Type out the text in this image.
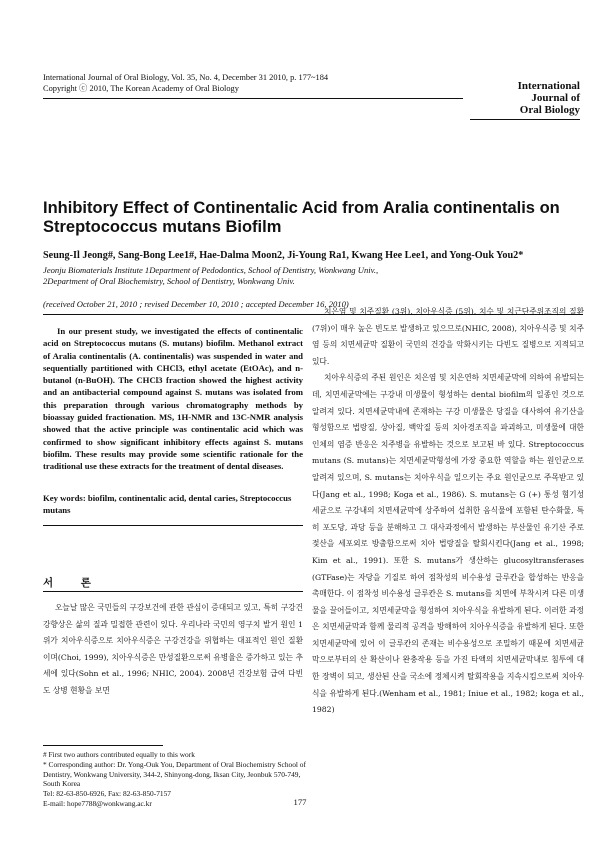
International Journal of Oral Biology, Vol. 35, No. 4, December 31 2010, p. 177~184
Copyright ⓒ 2010, The Korean Academy of Oral Biology	International
Journal of
Oral Biology
Inhibitory Effect of Continentalic Acid from Aralia continentalis on
Streptococcus mutans Biofilm
Seung-Il Jeong#, Sang-Bong Lee1#, Hae-Dalma Moon2, Ji-Young Ra1, Kwang Hee Lee1, and Yong-Ouk You2*
Jeonju Biomaterials Institute 1Department of Pedodontics, School of Dentistry, Wonkwang Univ.,
2Department of Oral Biochemistry, School of Dentistry, Wonkwang Univ.
(received October 21, 2010 ; revised December 10, 2010 ; accepted December 16, 2010)
In our present study, we investigated the effects of continentalic acid on Streptococcus mutans (S. mutans) biofilm. Methanol extract of Aralia continentalis (A. continentalis) was suspended in water and sequentially partitioned with CHCl3, ethyl acetate (EtOAc), and n-butanol (n-BuOH). The CHCl3 fraction showed the highest activity and an antibacterial compound against S. mutans was isolated from this preparation through various chromatography methods by bioassay guided fractionation. MS, 1H-NMR and 13C-NMR analysis showed that the active principle was continentalic acid which was confirmed to show significant inhibitory effects against S. mutans biofilm. These results may provide some scientific rationale for the traditional use these extracts for the treatment of dental diseases.
Key words: biofilm, continentalic acid, dental caries, Streptococcus mutans
서 론
오늘날 많은 국민들의 구강보건에 관한 관심이 증대되고 있고, 특히 구강건강향상은 삶의 질과 밀접한 관련이 있다. 우리나라 국민의 영구치 발거 원인 1위가 치아우식증으로 치아우식증은 구강건강을 위협하는 대표적인 원인 질환이며(Choi, 1999), 치아우식증은 만성질환으로써 유병율은 증가하고 있는 추세에 있다(Sohn et al., 1996; NHIC, 2004). 2008년 건강보험 급여 다빈도 상병 현황을 보면

치은염 및 치주질환 (3위), 치아우식증 (5위), 치수 및 치근단주위조직의 질환 (7위)이 매우 높은 빈도로 발생하고 있으므로(NHIC, 2008), 치아우식증 및 치주염 등의 치면세균막 질환이 국민의 건강을 악화시키는 다빈도 질병으로 지적되고 있다.

치아우식증의 주된 원인은 치은염 및 치은연하 치면세균막에 의하여 유발되는데, 치면세균막에는 구강내 미생물이 형성하는 dental biofilm의 일종인 것으로 알려져 있다. 치면세균막내에 존재하는 구강 미생물은 당질을 대사하여 유기산을 형성함으로 법랑질, 상아질, 백악질 등의 치아경조직을 파괴하고, 미생물에 대한 인체의 염증 반응은 치주병을 유발하는 것으로 보고된 바 있다. Streptococcus mutans (S. mutans)는 치면세균막형성에 가장 중요한 역할을 하는 원인균으로 알려져 있으며, S. mutans는 치아우식을 일으키는 주요 원인균으로 주목받고 있다(Jang et al., 1998; Koga et al., 1986). S. mutans는 G (+) 통성 혐기성세균으로 구강내의 치면세균막에 상주하여 섭취한 음식물에 포함된 탄수화물, 특히 포도당, 과당 등을 분해하고 그 대사과정에서 발생하는 부산물인 유기산 주로 젖산을 세포외로 방출함으로써 치아 법랑질을 탈회시킨다(Jang et al., 1998; Kim et al., 1991). 또한 S. mutans가 생산하는 glucosyltransferases (GTFase)는 자당을 기질로 하여 점착성의 비수용성 글루칸을 합성하는 반응을 촉매한다. 이 점착성 비수용성 글루칸은 S. mutans를 치면에 부착시켜 다른 미생물을 끌어들이고, 치면세균막을 형성하여 치아우식을 유발하게 된다. 이러한 과정은 치면세균막과 함께 물리적 공격을 방해하여 치아우식증을 유발하게 된다. 또한 치면세균막에 있어 이 글루칸의 존재는 비수용성으로 조밀하기 때문에 치면세균막으로부터의 산 확산이나 완충작용 등을 가진 타액의 치면세균막내로 침투에 대한 장벽이 되고, 생산된 산을 국소에 정체시켜 탈회작용을 지속시킴으로써 치아우식을 유발하게 된다.(Wenham et al., 1981; Iniue et al., 1982; koga et al., 1982)

# First two authors contributed equally to this work
* Corresponding author: Dr. Yong-Ouk You, Department of Oral Biochemistry School of Dentistry, Wonkwang University, 344-2, Shinyong-dong, Iksan City, Jeonbuk 570-749, South Korea
Tel: 82-63-850-6926, Fax: 82-63-850-7157
E-mail: hope7788@wonkwang.ac.kr	177
